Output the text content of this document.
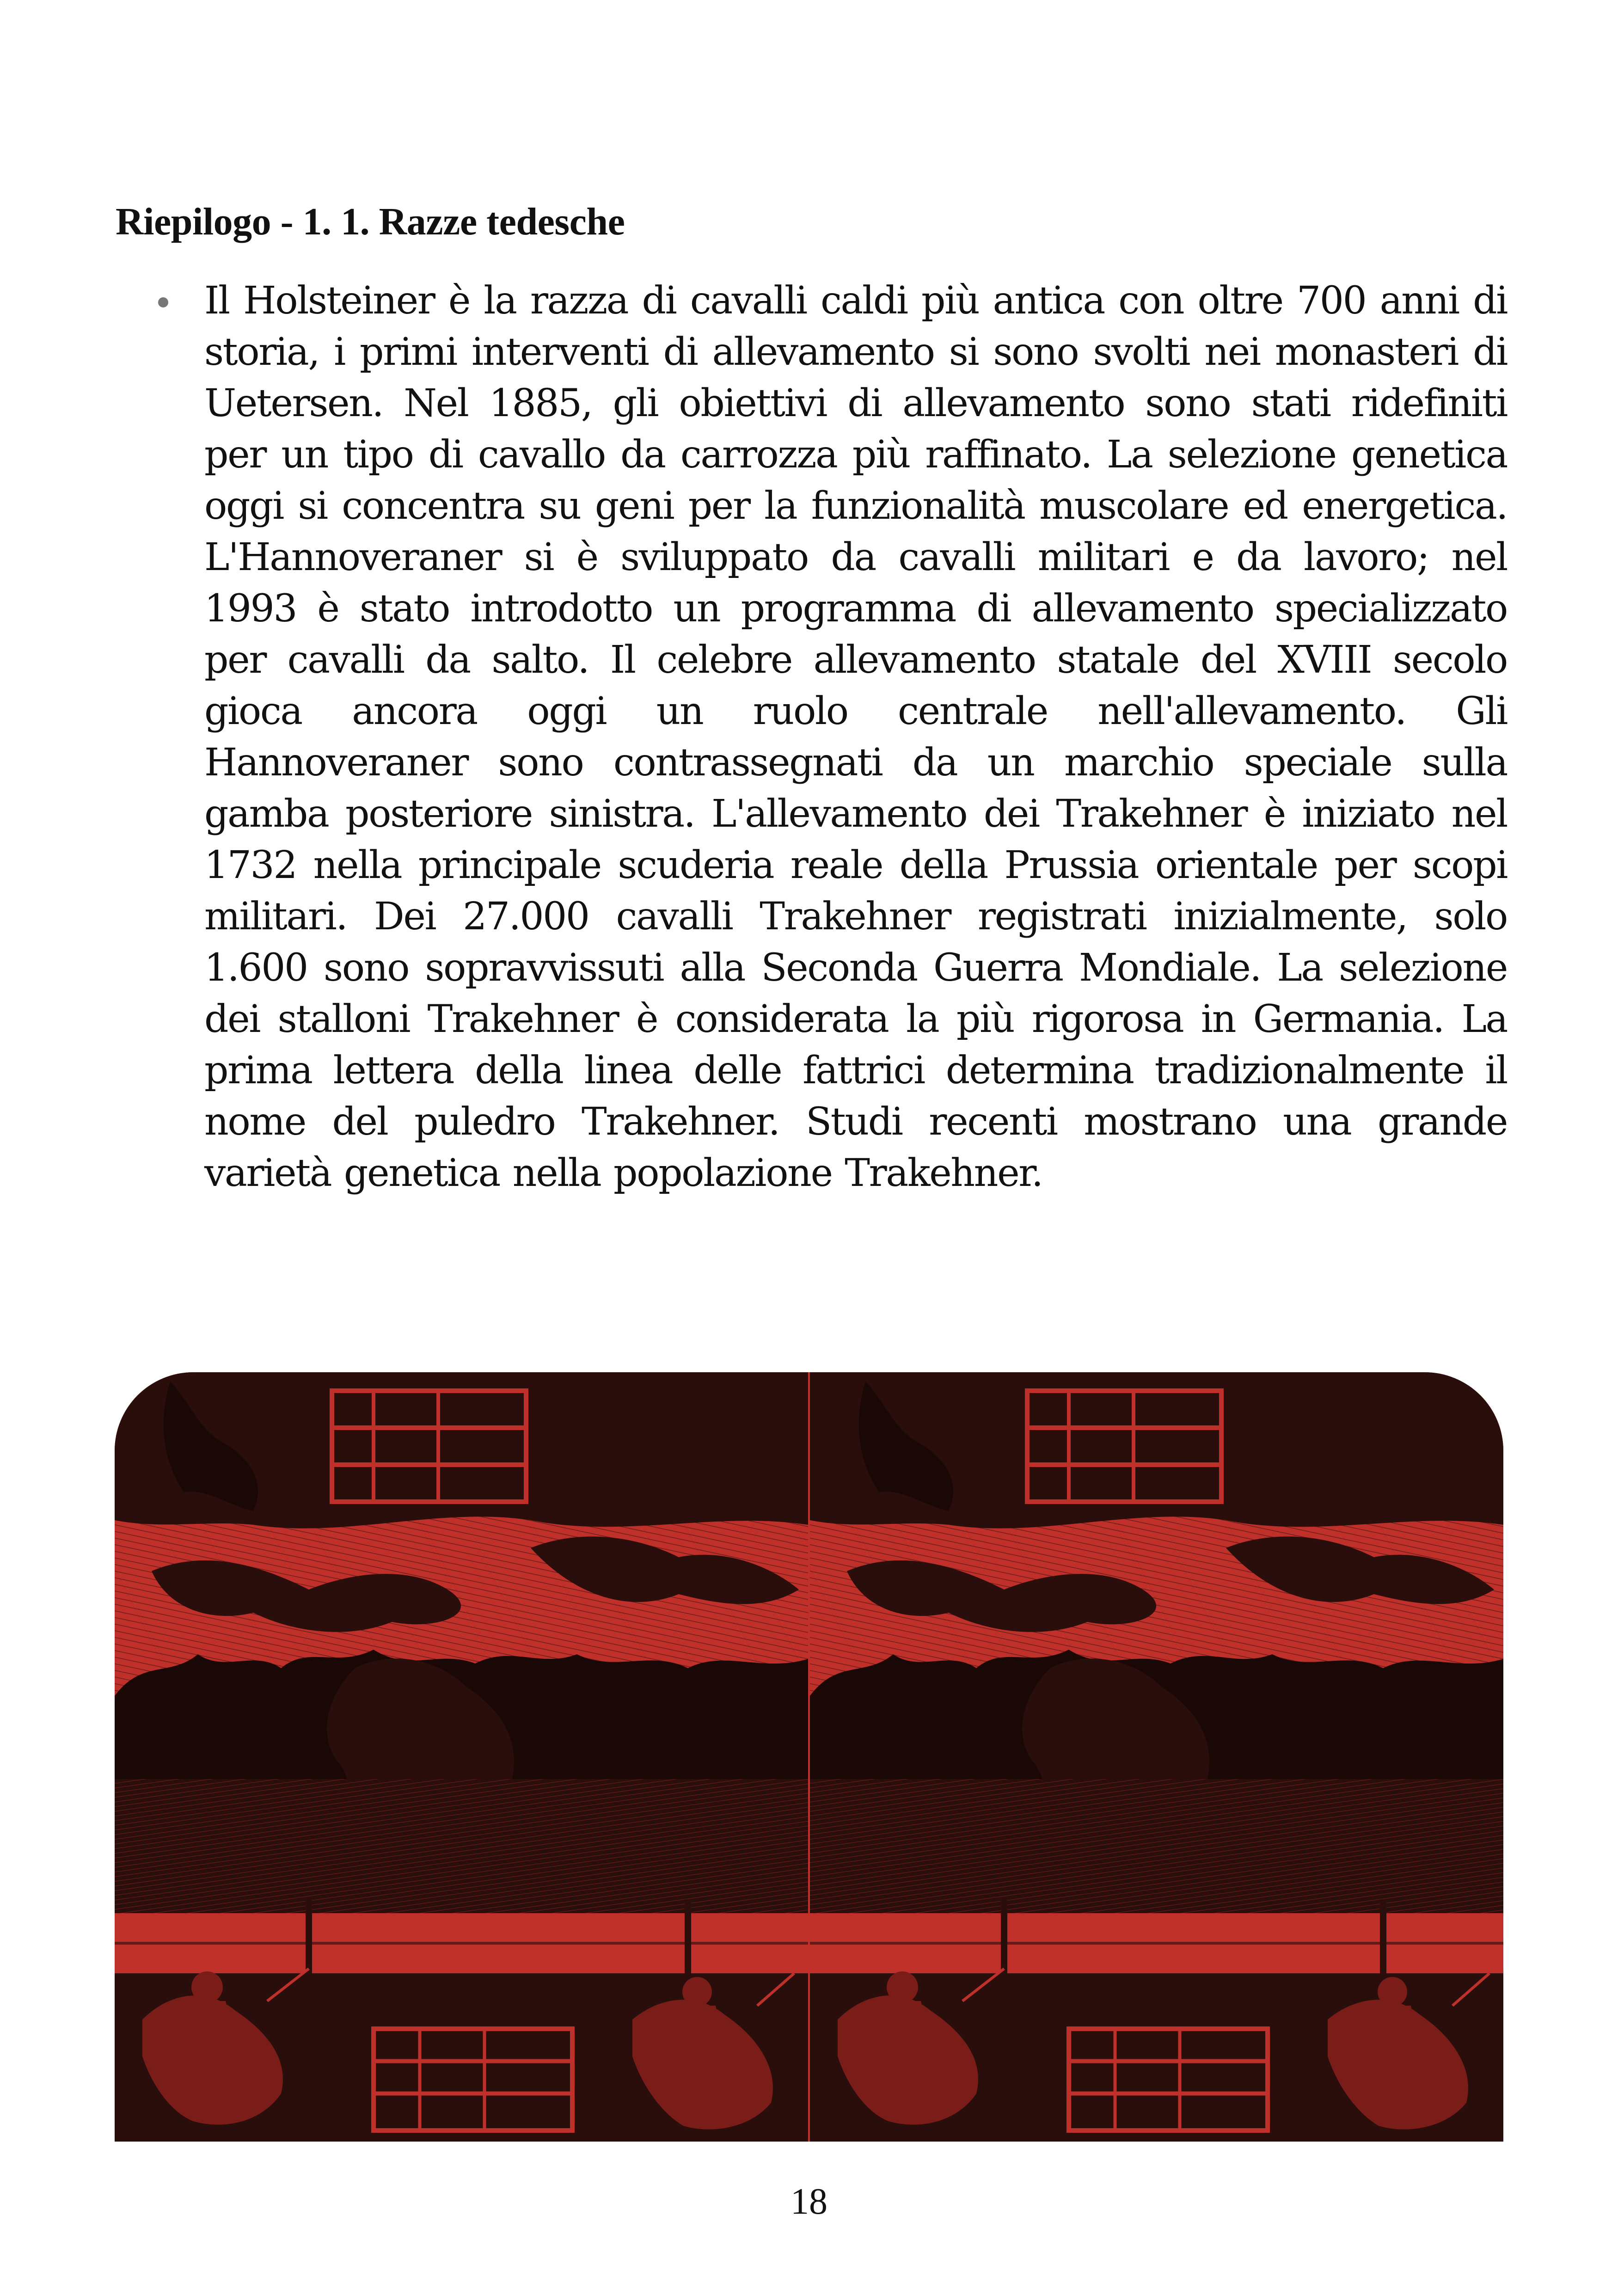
Riepilogo - 1. 1. Razze tedesche
Il Holsteiner è la razza di cavalli caldi più antica con oltre 700 anni di storia, i primi interventi di allevamento si sono svolti nei monasteri di Uetersen. Nel 1885, gli obiettivi di allevamento sono stati ridefiniti per un tipo di cavallo da carrozza più raffinato. La selezione genetica oggi si concentra su geni per la funzionalità muscolare ed energetica. L'Hannoveraner si è sviluppato da cavalli militari e da lavoro; nel 1993 è stato introdotto un programma di allevamento specializzato per cavalli da salto. Il celebre allevamento statale del XVIII secolo gioca ancora oggi un ruolo centrale nell'allevamento. Gli Hannoveraner sono contrassegnati da un marchio speciale sulla gamba posteriore sinistra. L'allevamento dei Trakehner è iniziato nel 1732 nella principale scuderia reale della Prussia orientale per scopi militari. Dei 27.000 cavalli Trakehner registrati inizialmente, solo 1.600 sono sopravvissuti alla Seconda Guerra Mondiale. La selezione dei stalloni Trakehner è considerata la più rigorosa in Germania. La prima lettera della linea delle fattrici determina tradizionalmente il nome del puledro Trakehner. Studi recenti mostrano una grande varietà genetica nella popolazione Trakehner.
18
